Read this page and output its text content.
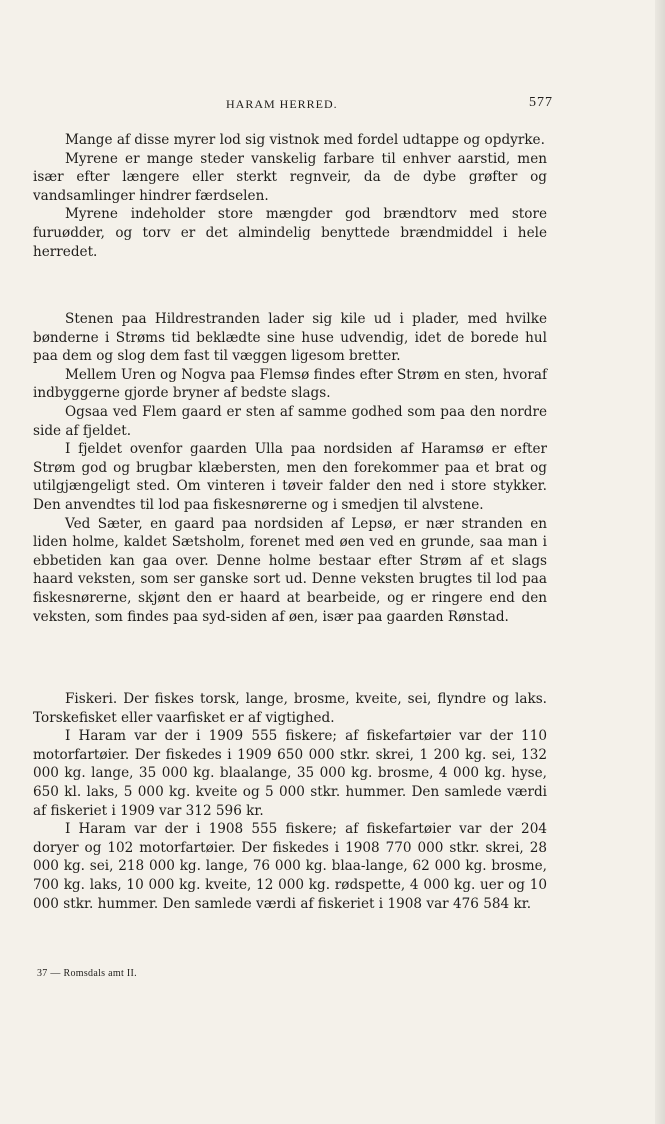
HARAM HERRED.	577

Mange af disse myrer lod sig vistnok med fordel udtappe og opdyrke.

Myrene er mange steder vanskelig farbare til enhver aarstid, men især efter længere eller sterkt regnveir, da de dybe grøfter og vandsamlinger hindrer færdselen.

Myrene indeholder store mængder god brændtorv med store furuødder, og torv er det almindelig benyttede brændmiddel i hele herredet.

Stenen paa Hildrestranden lader sig kile ud i plader, med hvilke bønderne i Strøms tid beklædte sine huse udvendig, idet de borede hul paa dem og slog dem fast til væggen ligesom bretter.

Mellem Uren og Nogva paa Flemsø findes efter Strøm en sten, hvoraf indbyggerne gjorde bryner af bedste slags.

Ogsaa ved Flem gaard er sten af samme godhed som paa den nordre side af fjeldet.

I fjeldet ovenfor gaarden Ulla paa nordsiden af Haramsø er efter Strøm god og brugbar klæbersten, men den forekommer paa et brat og utilgjængeligt sted. Om vinteren i tøveir falder den ned i store stykker. Den anvendtes til lod paa fiskesnørerne og i smedjen til alvstene.

Ved Sæter, en gaard paa nordsiden af Lepsø, er nær stranden en liden holme, kaldet Sætsholm, forenet med øen ved en grunde, saa man i ebbetiden kan gaa over. Denne holme bestaar efter Strøm af et slags haard veksten, som ser ganske sort ud. Denne veksten brugtes til lod paa fiskesnørerne, skjønt den er haard at bearbeide, og er ringere end den veksten, som findes paa syd-siden af øen, især paa gaarden Rønstad.

Fiskeri. Der fiskes torsk, lange, brosme, kveite, sei, flyndre og laks. Torskefisket eller vaarfisket er af vigtighed.

I Haram var der i 1909 555 fiskere; af fiskefartøier var der 110 motorfartøier. Der fiskedes i 1909 650 000 stkr. skrei, 1 200 kg. sei, 132 000 kg. lange, 35 000 kg. blaalange, 35 000 kg. brosme, 4 000 kg. hyse, 650 kl. laks, 5 000 kg. kveite og 5 000 stkr. hummer. Den samlede værdi af fiskeriet i 1909 var 312 596 kr.

I Haram var der i 1908 555 fiskere; af fiskefartøier var der 204 doryer og 102 motorfartøier. Der fiskedes i 1908 770 000 stkr. skrei, 28 000 kg. sei, 218 000 kg. lange, 76 000 kg. blaa-lange, 62 000 kg. brosme, 700 kg. laks, 10 000 kg. kveite, 12 000 kg. rødspette, 4 000 kg. uer og 10 000 stkr. hummer. Den samlede værdi af fiskeriet i 1908 var 476 584 kr.

37 — Romsdals amt II.
